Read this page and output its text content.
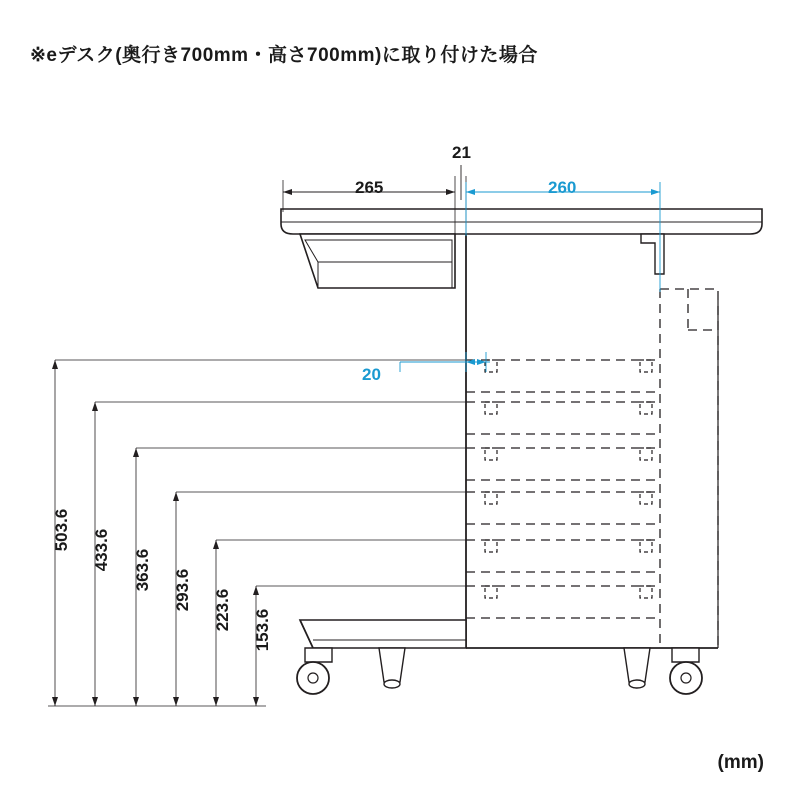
※eデスク(奥行き700mm・高さ700mm)に取り付けた場合
265
21
260
20
503.6 433.6 363.6 293.6 223.6 153.6
(mm)
